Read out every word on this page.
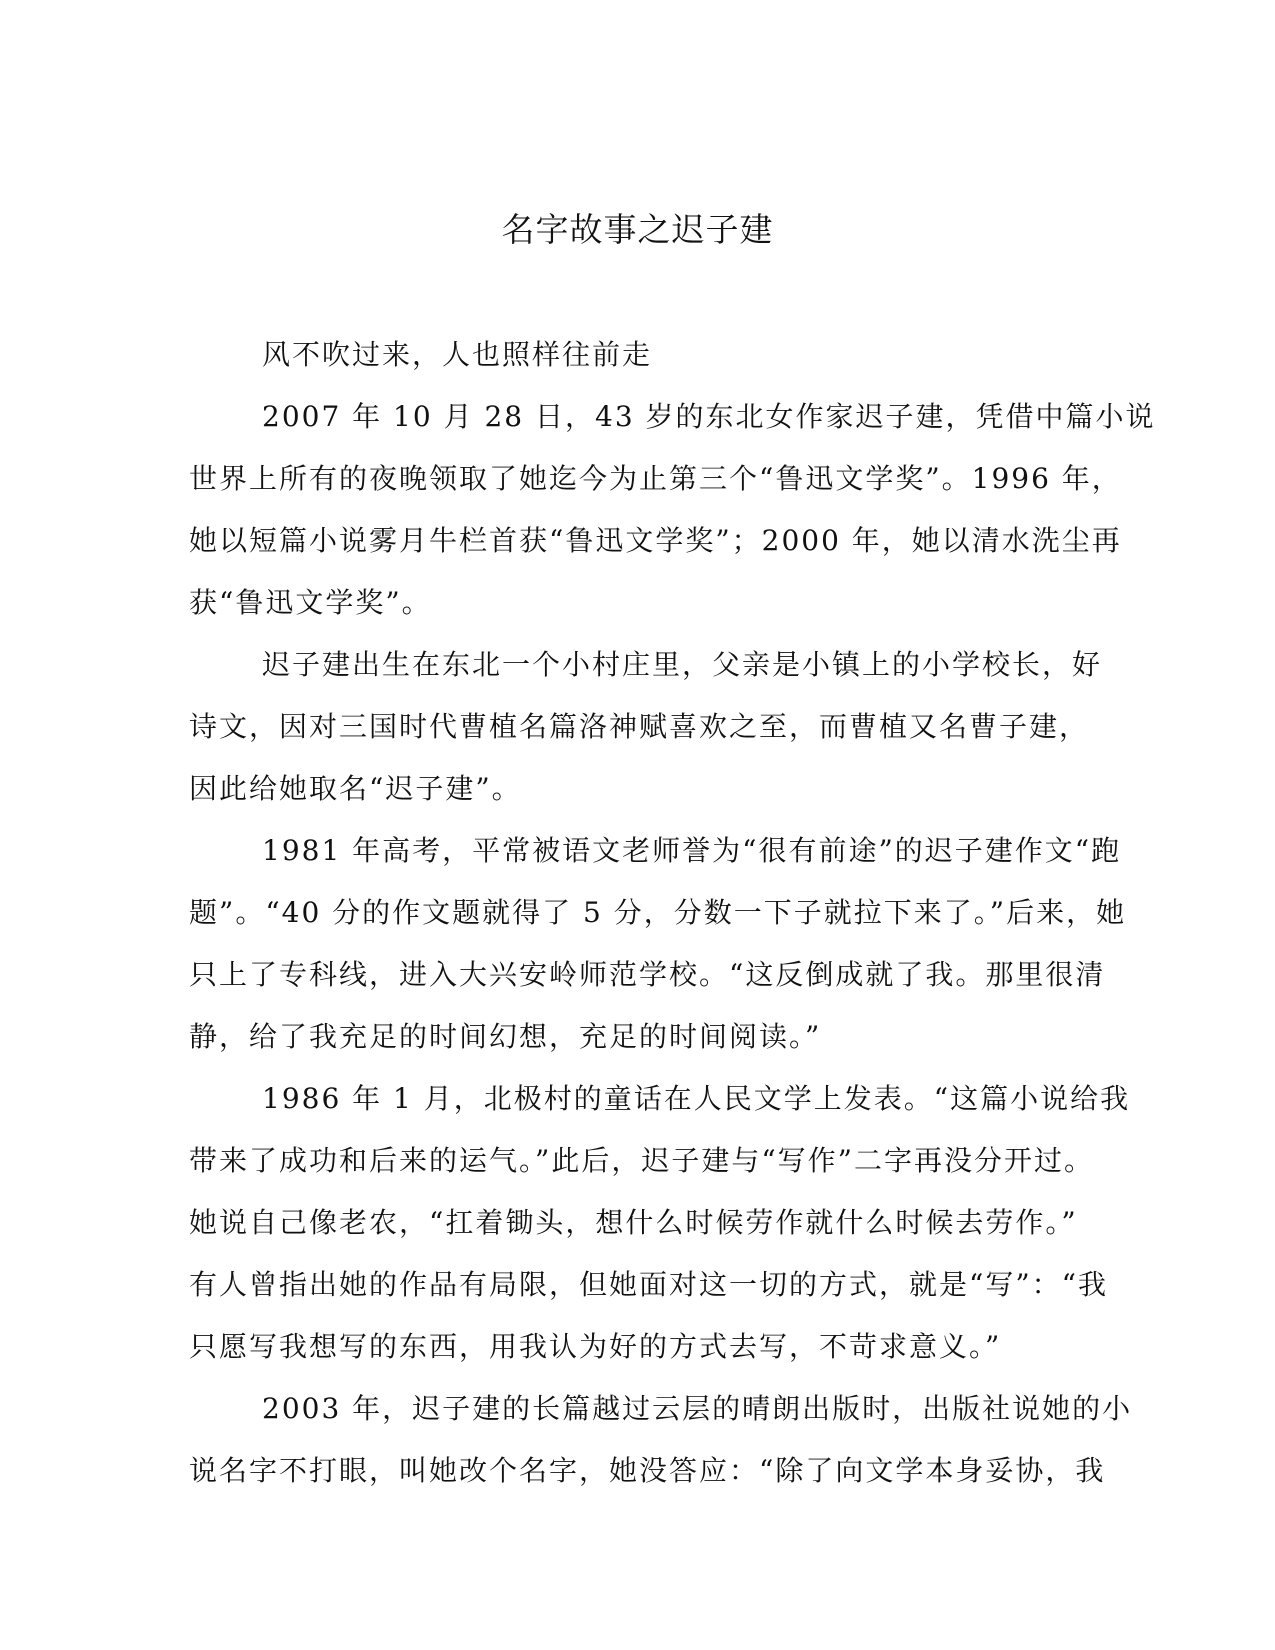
名字故事之迟子建
风不吹过来，人也照样往前走
2007 年 10 月 28 日，43 岁的东北女作家迟子建，凭借中篇小说
世界上所有的夜晚领取了她迄今为止第三个“鲁迅文学奖”。1996 年，
她以短篇小说雾月牛栏首获“鲁迅文学奖”；2000 年，她以清水洗尘再
获“鲁迅文学奖”。
迟子建出生在东北一个小村庄里，父亲是小镇上的小学校长，好
诗文，因对三国时代曹植名篇洛神赋喜欢之至，而曹植又名曹子建，
因此给她取名“迟子建”。
1981 年高考，平常被语文老师誉为“很有前途”的迟子建作文“跑
题”。“40 分的作文题就得了 5 分，分数一下子就拉下来了。”后来，她
只上了专科线，进入大兴安岭师范学校。“这反倒成就了我。那里很清
静，给了我充足的时间幻想，充足的时间阅读。”
1986 年 1 月，北极村的童话在人民文学上发表。“这篇小说给我
带来了成功和后来的运气。”此后，迟子建与“写作”二字再没分开过。
她说自己像老农，“扛着锄头，想什么时候劳作就什么时候去劳作。”
有人曾指出她的作品有局限，但她面对这一切的方式，就是“写”：“我
只愿写我想写的东西，用我认为好的方式去写，不苛求意义。”
2003 年，迟子建的长篇越过云层的晴朗出版时，出版社说她的小
说名字不打眼，叫她改个名字，她没答应：“除了向文学本身妥协，我
